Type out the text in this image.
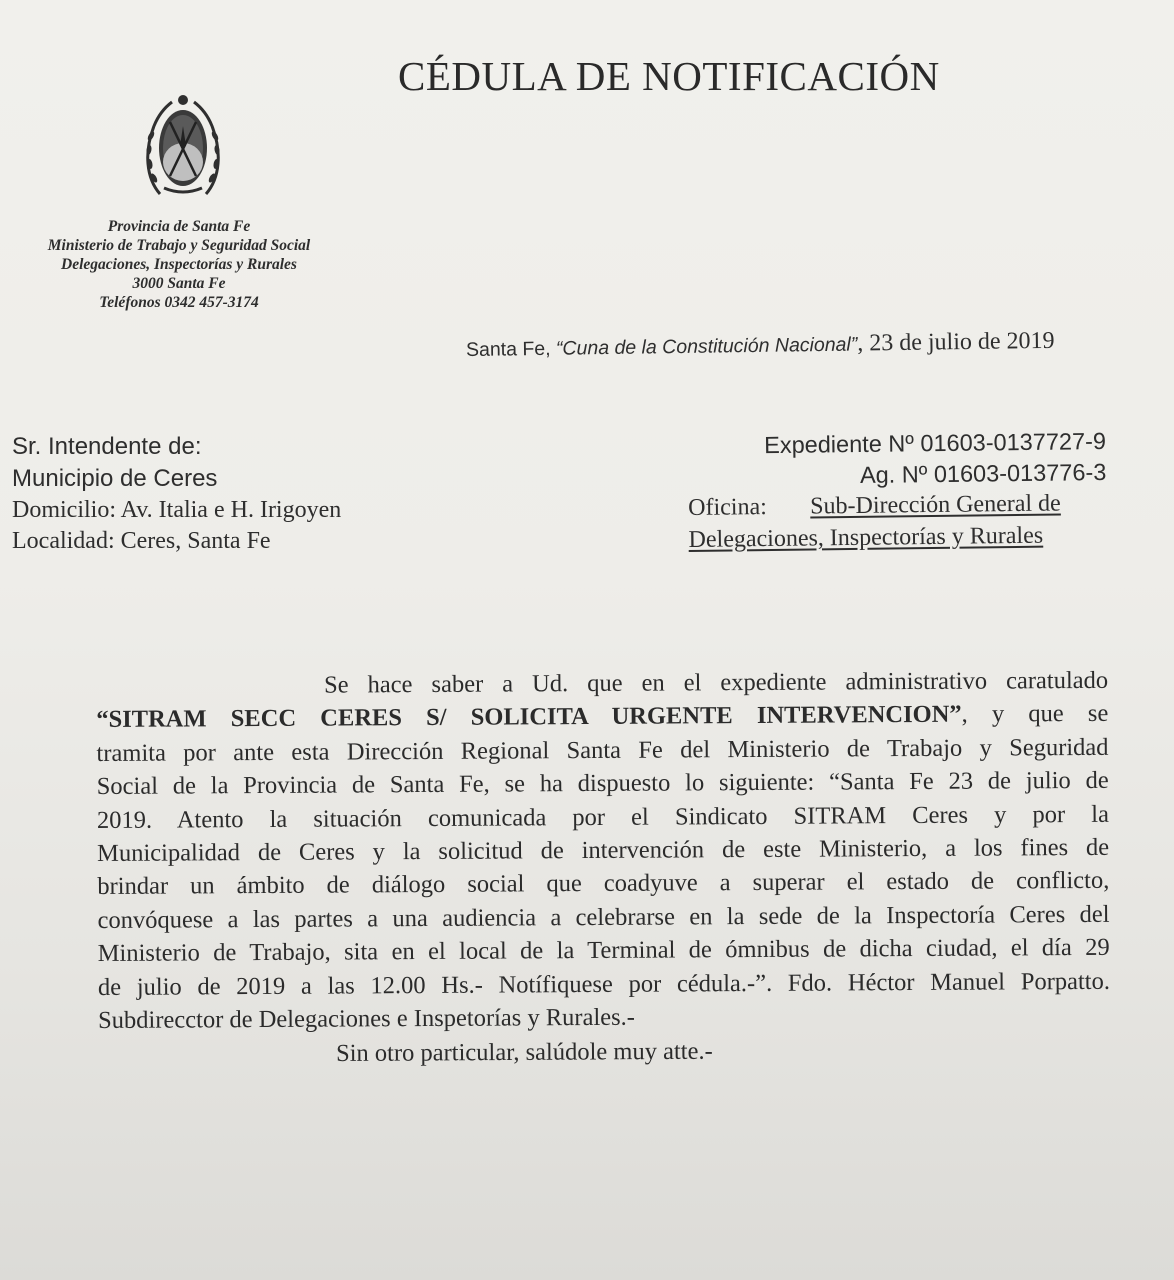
CÉDULA DE NOTIFICACIÓN
Provincia de Santa Fe
Ministerio de Trabajo y Seguridad Social
Delegaciones, Inspectorías y Rurales
3000 Santa Fe
Teléfonos 0342 457-3174
Santa Fe, “Cuna de la Constitución Nacional”, 23 de julio de 2019
Sr. Intendente de:
Municipio de Ceres
Domicilio: Av. Italia e H. Irigoyen
Localidad: Ceres, Santa Fe
Expediente Nº 01603-0137727-9
Ag. Nº 01603-013776-3
Oficina: Sub-Dirección General de
Delegaciones, Inspectorías y Rurales
Se hace saber a Ud. que en el expediente administrativo caratulado
“SITRAM SECC CERES S/ SOLICITA URGENTE INTERVENCION”, y que se
tramita por ante esta Dirección Regional Santa Fe del Ministerio de Trabajo y Seguridad
Social de la Provincia de Santa Fe, se ha dispuesto lo siguiente: “Santa Fe 23 de julio de
2019. Atento la situación comunicada por el Sindicato SITRAM Ceres y por la
Municipalidad de Ceres y la solicitud de intervención de este Ministerio, a los fines de
brindar un ámbito de diálogo social que coadyuve a superar el estado de conflicto,
convóquese a las partes a una audiencia a celebrarse en la sede de la Inspectoría Ceres del
Ministerio de Trabajo, sita en el local de la Terminal de ómnibus de dicha ciudad, el día 29
de julio de 2019 a las 12.00 Hs.- Notífiquese por cédula.-”. Fdo. Héctor Manuel Porpatto.
Subdirecctor de Delegaciones e Inspetorías y Rurales.-
Sin otro particular, salúdole muy atte.-
